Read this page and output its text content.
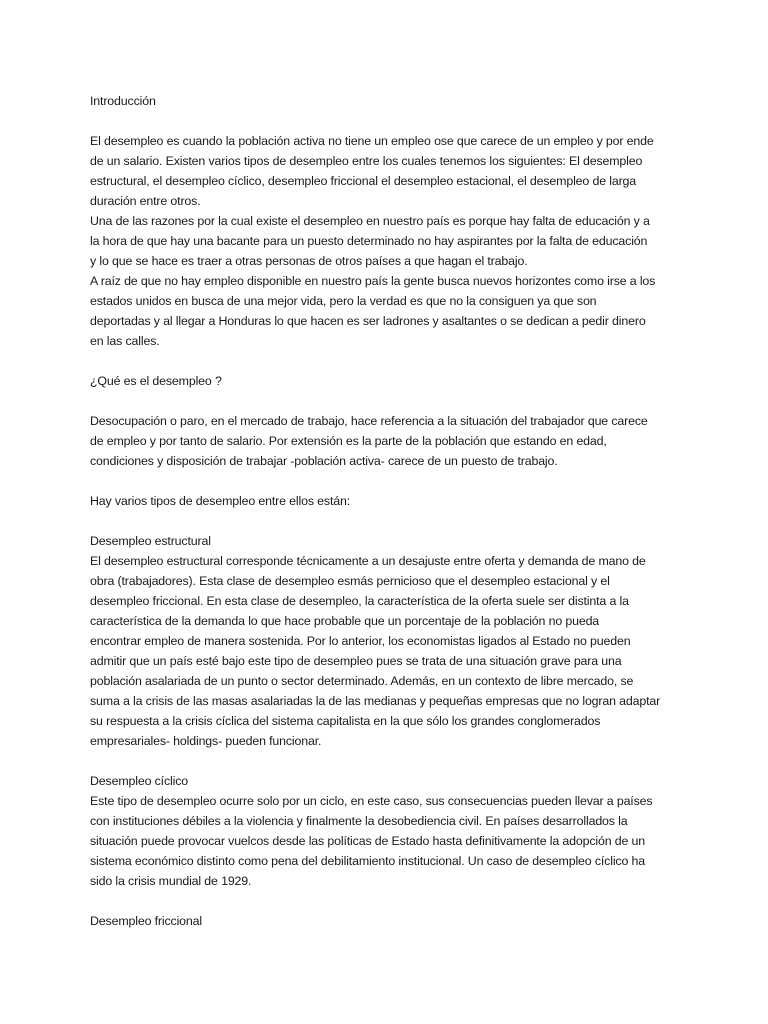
Introducción
El desempleo es cuando la población activa no tiene un empleo ose que carece de un empleo y por ende
de un salario. Existen varios tipos de desempleo entre los cuales tenemos los siguientes: El desempleo
estructural, el desempleo cíclico, desempleo friccional el desempleo estacional, el desempleo de larga
duración entre otros.
Una de las razones por la cual existe el desempleo en nuestro país es porque hay falta de educación y a
la hora de que hay una bacante para un puesto determinado no hay aspirantes por la falta de educación
y lo que se hace es traer a otras personas de otros países a que hagan el trabajo.
A raíz de que no hay empleo disponible en nuestro país la gente busca nuevos horizontes como irse a los
estados unidos en busca de una mejor vida, pero la verdad es que no la consiguen ya que son
deportadas y al llegar a Honduras lo que hacen es ser ladrones y asaltantes o se dedican a pedir dinero
en las calles.
¿Qué es el desempleo ?
Desocupación o paro, en el mercado de trabajo, hace referencia a la situación del trabajador que carece
de empleo y por tanto de salario. Por extensión es la parte de la población que estando en edad,
condiciones y disposición de trabajar -población activa- carece de un puesto de trabajo.
Hay varios tipos de desempleo entre ellos están:
Desempleo estructural
El desempleo estructural corresponde técnicamente a un desajuste entre oferta y demanda de mano de
obra (trabajadores). Esta clase de desempleo esmás pernicioso que el desempleo estacional y el
desempleo friccional. En esta clase de desempleo, la característica de la oferta suele ser distinta a la
característica de la demanda lo que hace probable que un porcentaje de la población no pueda
encontrar empleo de manera sostenida. Por lo anterior, los economistas ligados al Estado no pueden
admitir que un país esté bajo este tipo de desempleo pues se trata de una situación grave para una
población asalariada de un punto o sector determinado. Además, en un contexto de libre mercado, se
suma a la crisis de las masas asalariadas la de las medianas y pequeñas empresas que no logran adaptar
su respuesta a la crisis cíclica del sistema capitalista en la que sólo los grandes conglomerados
empresariales- holdings- pueden funcionar.
Desempleo cíclico
Este tipo de desempleo ocurre solo por un ciclo, en este caso, sus consecuencias pueden llevar a países
con instituciones débiles a la violencia y finalmente la desobediencia civil. En países desarrollados la
situación puede provocar vuelcos desde las políticas de Estado hasta definitivamente la adopción de un
sistema económico distinto como pena del debilitamiento institucional. Un caso de desempleo cíclico ha
sido la crisis mundial de 1929.
Desempleo friccional
